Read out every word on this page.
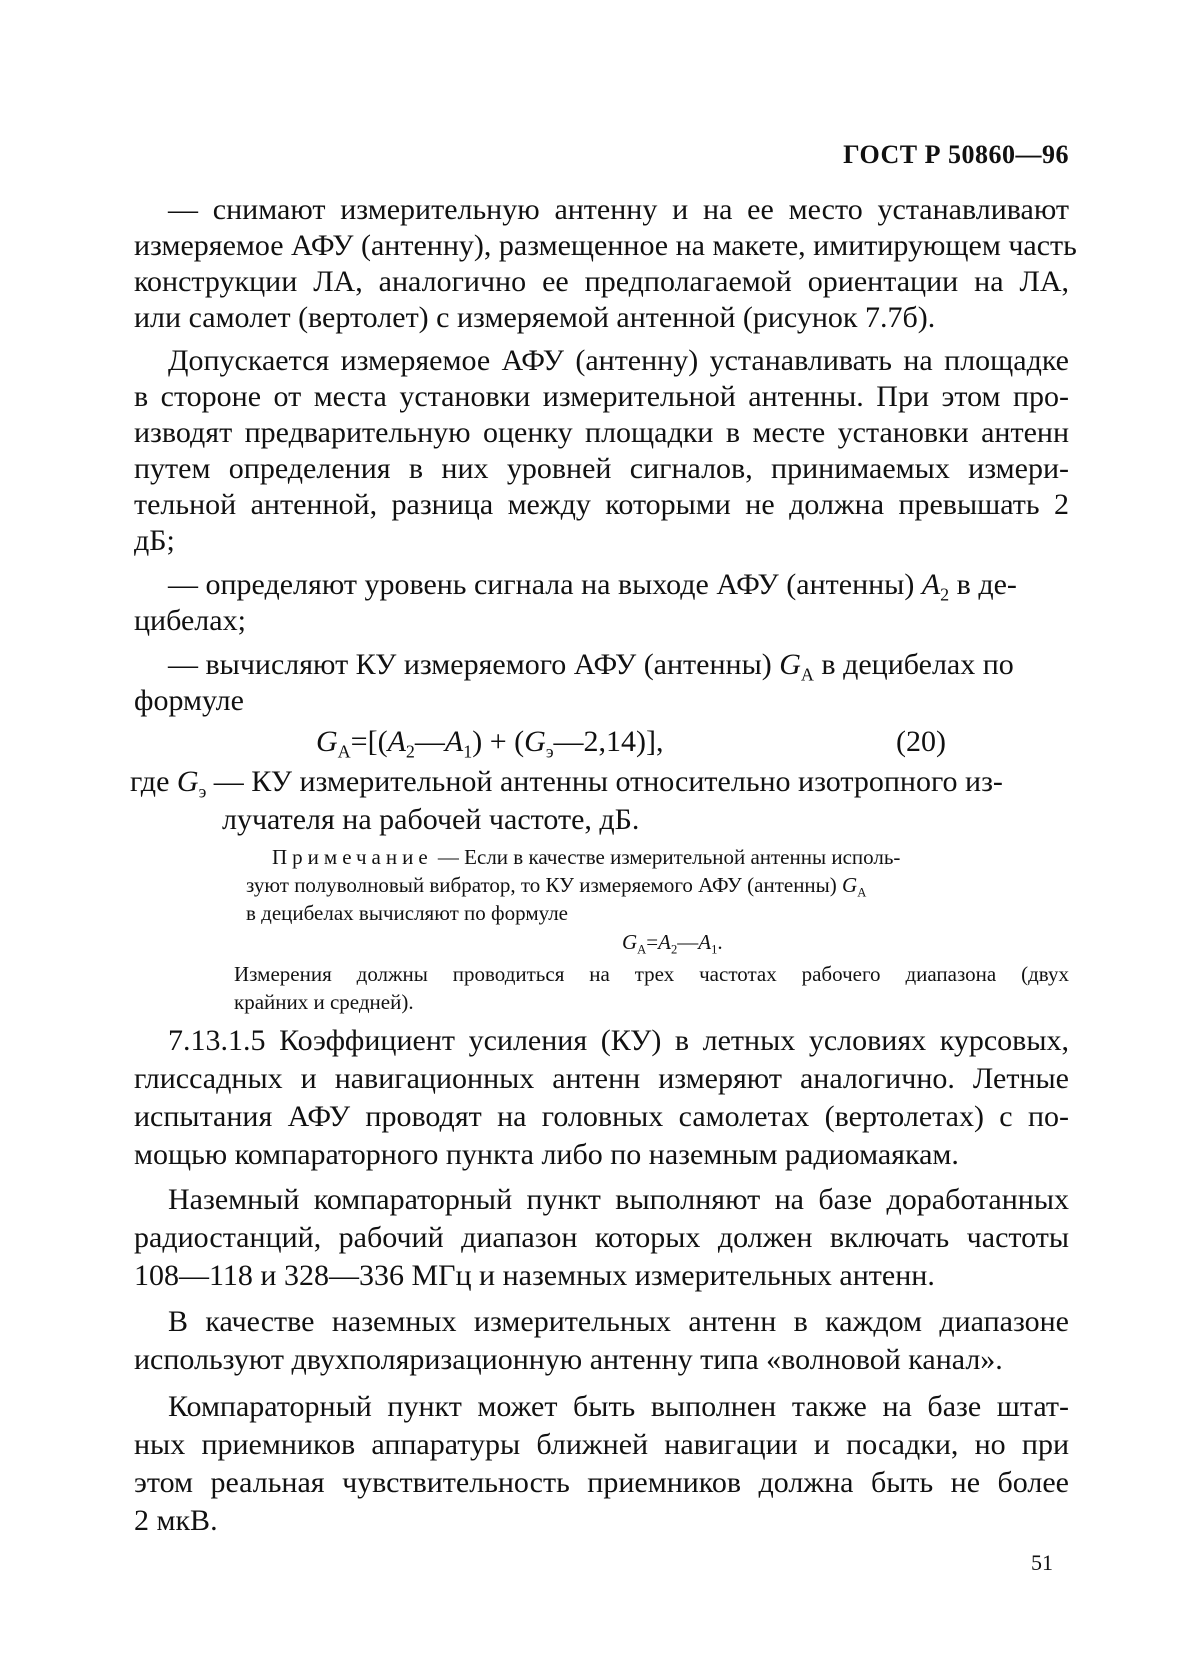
ГОСТ Р 50860—96
— снимают измерительную антенну и на ее место устанавливают
измеряемое АФУ (антенну), размещенное на макете, имитирующем часть
конструкции ЛА, аналогично ее предполагаемой ориентации на ЛА,
или самолет (вертолет) с измеряемой антенной (рисунок 7.7б).
Допускается измеряемое АФУ (антенну) устанавливать на площадке
в стороне от места установки измерительной антенны. При этом про-
изводят предварительную оценку площадки в месте установки антенн
путем определения в них уровней сигналов, принимаемых измери-
тельной антенной, разница между которыми не должна превышать 2
дБ;
— определяют уровень сигнала на выходе АФУ (антенны) $A_2$ в де-
цибелах;
— вычисляют КУ измеряемого АФУ (антенны) $G_А$ в децибелах по
формуле
$G_А=[(A_2—A_1)$ + $(G_э—2,14)$],	(20)
где $G_э$ — КУ измерительной антенны относительно изотропного из-
лучателя на рабочей частоте, дБ.
Примечание — Если в качестве измерительной антенны исполь-
зуют полуволновый вибратор, то КУ измеряемого АФУ (антенны) $G_А$
в децибелах вычисляют по формуле
$G_А=A_2—A_1$.
Измерения должны проводиться на трех частотах рабочего диапазона (двух
крайних и средней).
7.13.1.5 Коэффициент усиления (КУ) в летных условиях курсовых,
глиссадных и навигационных антенн измеряют аналогично. Летные
испытания АФУ проводят на головных самолетах (вертолетах) с по-
мощью компараторного пункта либо по наземным радиомаякам.
Наземный компараторный пункт выполняют на базе доработанных
радиостанций, рабочий диапазон которых должен включать частоты
108—118 и 328—336 МГц и наземных измерительных антенн.
В качестве наземных измерительных антенн в каждом диапазоне
используют двухполяризационную антенну типа «волновой канал».
Компараторный пункт может быть выполнен также на базе штат-
ных приемников аппаратуры ближней навигации и посадки, но при
этом реальная чувствительность приемников должна быть не более
2 мкВ.
51
